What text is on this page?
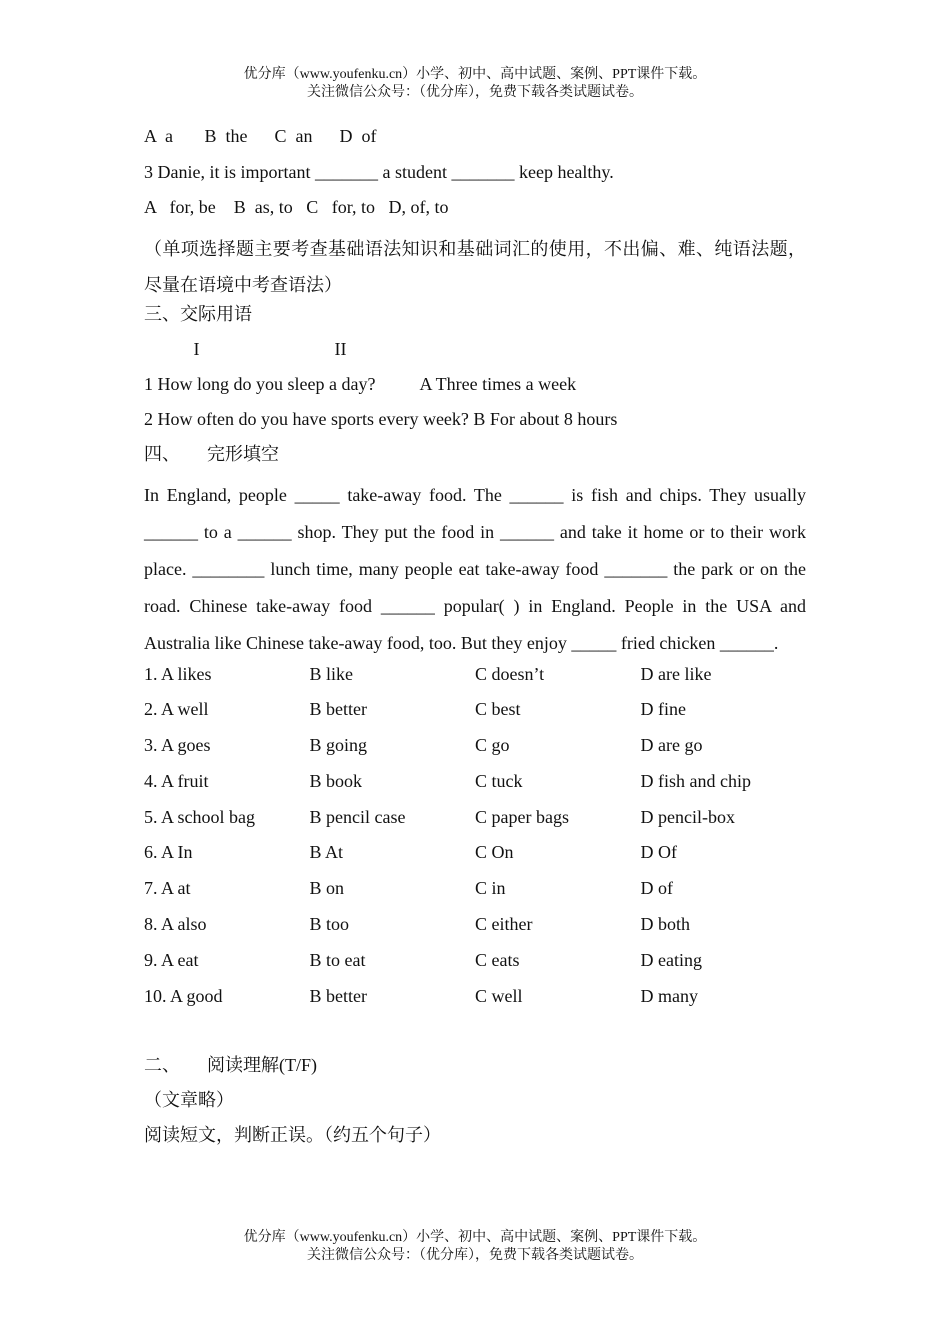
优分库（www.youfenku.cn）小学、初中、高中试题、案例、PPT课件下载。
关注微信公众号：（优分库），免费下载各类试题试卷。
A  a       B  the      C  an      D  of
3 Danie, it is important _______ a student _______ keep healthy.
A   for, be    B  as, to   C   for, to   D, of, to
（单项选择题主要考查基础语法知识和基础词汇的使用，不出偏、难、纯语法题，尽量在语境中考查语法）
三、交际用语
I                              II
1 How long do you sleep a day?          A Three times a week
2 How often do you have sports every week? B For about 8 hours
四、      完形填空

In England, people _____ take-away food. The ______ is fish and chips. They usually ______ to a ______ shop. They put the food in ______ and take it home or to their work place. ________ lunch time, many people eat take-away food _______ the park or on the road. Chinese take-away food ______ popular( ) in England. People in the USA and Australia like Chinese take-away food, too. But they enjoy _____ fried chicken ______.

1. A likes	B like	C doesn’t	D are like
2. A well	B better	C best	D fine
3. A goes	B going	C go	D are go
4. A fruit	B book	C tuck	D fish and chip
5. A school bag	B pencil case	C paper bags	D pencil-box
6. A In	B At	C On	D Of
7. A at	B on	C in	D of
8. A also	B too	C either	D both
9. A eat	B to eat	C eats	D eating
10. A good	B better	C well	D many
二、      阅读理解(T/F)
（文章略）
阅读短文，判断正误。（约五个句子）
优分库（www.youfenku.cn）小学、初中、高中试题、案例、PPT课件下载。
关注微信公众号：（优分库），免费下载各类试题试卷。
